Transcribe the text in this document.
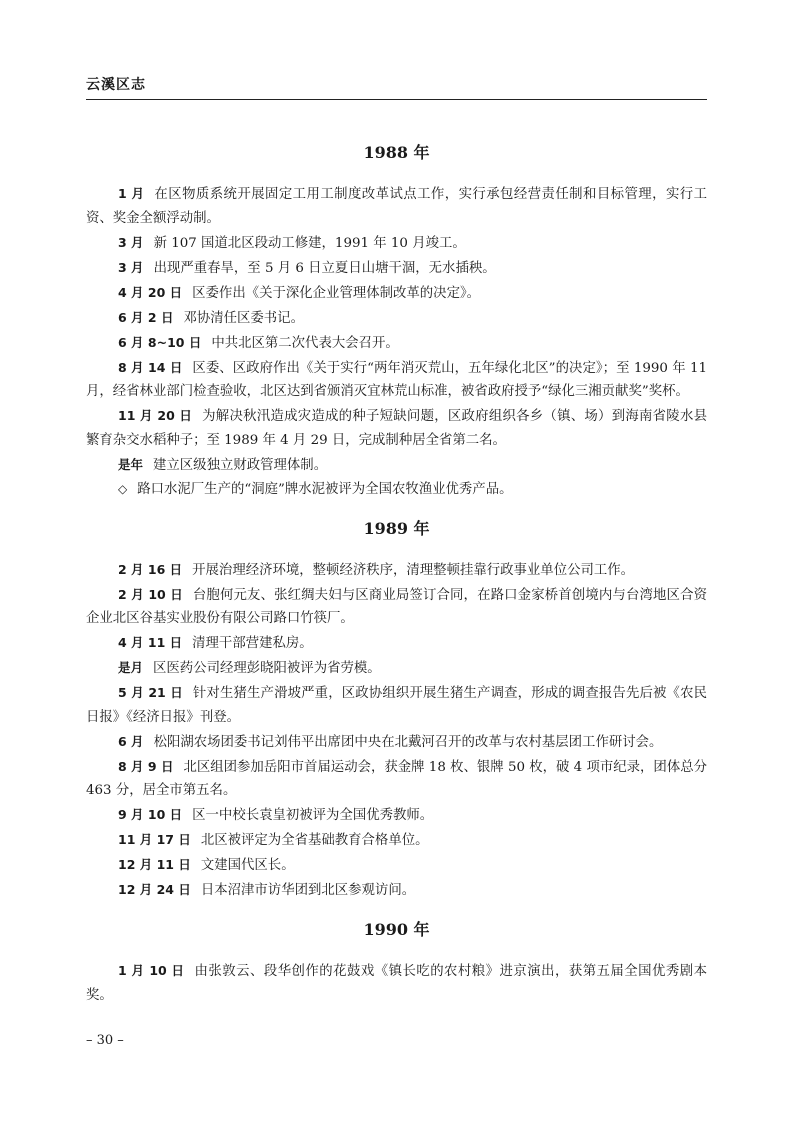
云溪区志
1988 年

1 月 在区物质系统开展固定工用工制度改革试点工作，实行承包经营责任制和目标管理，实行工资、奖金全额浮动制。

3 月 新 107 国道北区段动工修建，1991 年 10 月竣工。

3 月 出现严重春旱，至 5 月 6 日立夏日山塘干涸，无水插秧。

4 月 20 日 区委作出《关于深化企业管理体制改革的决定》。

6 月 2 日 邓协清任区委书记。

6 月 8~10 日 中共北区第二次代表大会召开。

8 月 14 日 区委、区政府作出《关于实行“两年消灭荒山，五年绿化北区”的决定》；至 1990 年 11 月，经省林业部门检查验收，北区达到省颁消灭宜林荒山标准，被省政府授予“绿化三湘贡献奖”奖杯。

11 月 20 日 为解决秋汛造成灾造成的种子短缺问题，区政府组织各乡（镇、场）到海南省陵水县繁育杂交水稻种子；至 1989 年 4 月 29 日，完成制种居全省第二名。

是年 建立区级独立财政管理体制。

◇ 路口水泥厂生产的“洞庭”牌水泥被评为全国农牧渔业优秀产品。

1989 年

2 月 16 日 开展治理经济环境，整顿经济秩序，清理整顿挂靠行政事业单位公司工作。

2 月 10 日 台胞何元友、张红绸夫妇与区商业局签订合同，在路口金家桥首创境内与台湾地区合资企业北区谷基实业股份有限公司路口竹筷厂。

4 月 11 日 清理干部营建私房。

是月 区医药公司经理彭晓阳被评为省劳模。

5 月 21 日 针对生猪生产滑坡严重，区政协组织开展生猪生产调查，形成的调查报告先后被《农民日报》《经济日报》刊登。

6 月 松阳湖农场团委书记刘伟平出席团中央在北戴河召开的改革与农村基层团工作研讨会。

8 月 9 日 北区组团参加岳阳市首届运动会，获金牌 18 枚、银牌 50 枚，破 4 项市纪录，团体总分 463 分，居全市第五名。

9 月 10 日 区一中校长袁皇初被评为全国优秀教师。

11 月 17 日 北区被评定为全省基础教育合格单位。

12 月 11 日 文建国代区长。

12 月 24 日 日本沼津市访华团到北区参观访问。

1990 年

1 月 10 日 由张敦云、段华创作的花鼓戏《镇长吃的农村粮》进京演出，获第五届全国优秀剧本奖。

– 30 –
